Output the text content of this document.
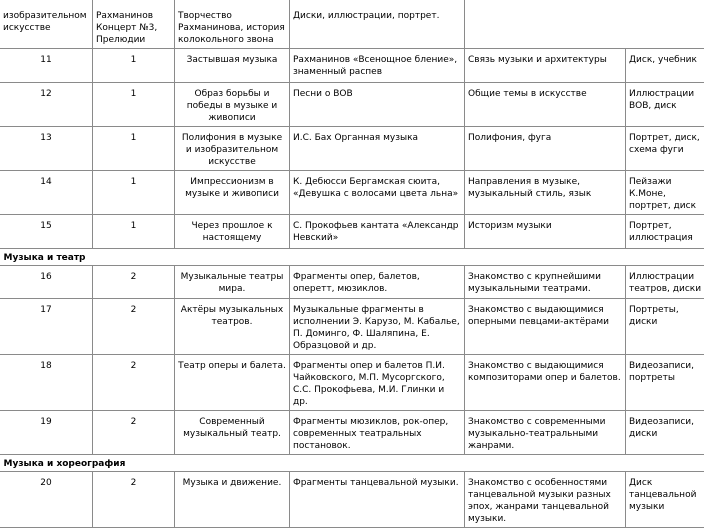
изобразительном искусстве	Рахманинов Концерт №3, Прелюдии	Творчество Рахманинова, история колокольного звона	Диски, иллюстрации, портрет.		
11	1	Застывшая музыка	Рахманинов «Всенощное бление», знаменный распев	Связь музыки и архитектуры	Диск, учебник
12	1	Образ борьбы и победы в музыке и живописи	Песни о ВОВ	Общие темы в искусстве	Иллюстрации ВОВ, диск
13	1	Полифония в музыке и изобразительном искусстве	И.С. Бах Органная музыка	Полифония, фуга	Портрет, диск, схема фуги
14	1	Импрессионизм в музыке и живописи	К. Дебюсси Бергамская сюита, «Девушка с волосами цвета льна»	Направления в музыке, музыкальный стиль, язык	Пейзажи К.Моне, портрет, диск
15	1	Через прошлое к настоящему	С. Прокофьев кантата «Александр Невский»	Историзм музыки	Портрет, иллюстрация
Музыка и театр					
16	2	Музыкальные театры мира.	Фрагменты опер, балетов, оперетт, мюзиклов.	Знакомство с крупнейшими музыкальными театрами.	Иллюстрации театров, диски
17	2	Актёры музыкальных театров.	Музыкальные фрагменты в исполнении Э. Карузо, М. Кабалье, П. Доминго, Ф. Шаляпина, Е. Образцовой и др.	Знакомство с выдающимися оперными певцами-актёрами	Портреты, диски
18	2	Театр оперы и балета.	Фрагменты опер и балетов П.И. Чайковского, М.П. Мусоргского, С.С. Прокофьева, М.И. Глинки и др.	Знакомство с выдающимися композиторами опер и балетов.	Видеозаписи, портреты
19	2	Современный музыкальный театр.	Фрагменты мюзиклов, рок-опер, современных театральных постановок.	Знакомство с современными музыкально-театральными жанрами.	Видеозаписи, диски
Музыка и хореография					
20	2	Музыка и движение.	Фрагменты танцевальной музыки.	Знакомство с особенностями танцевальной музыки разных эпох, жанрами танцевальной музыки.	Диск танцевальной музыки
